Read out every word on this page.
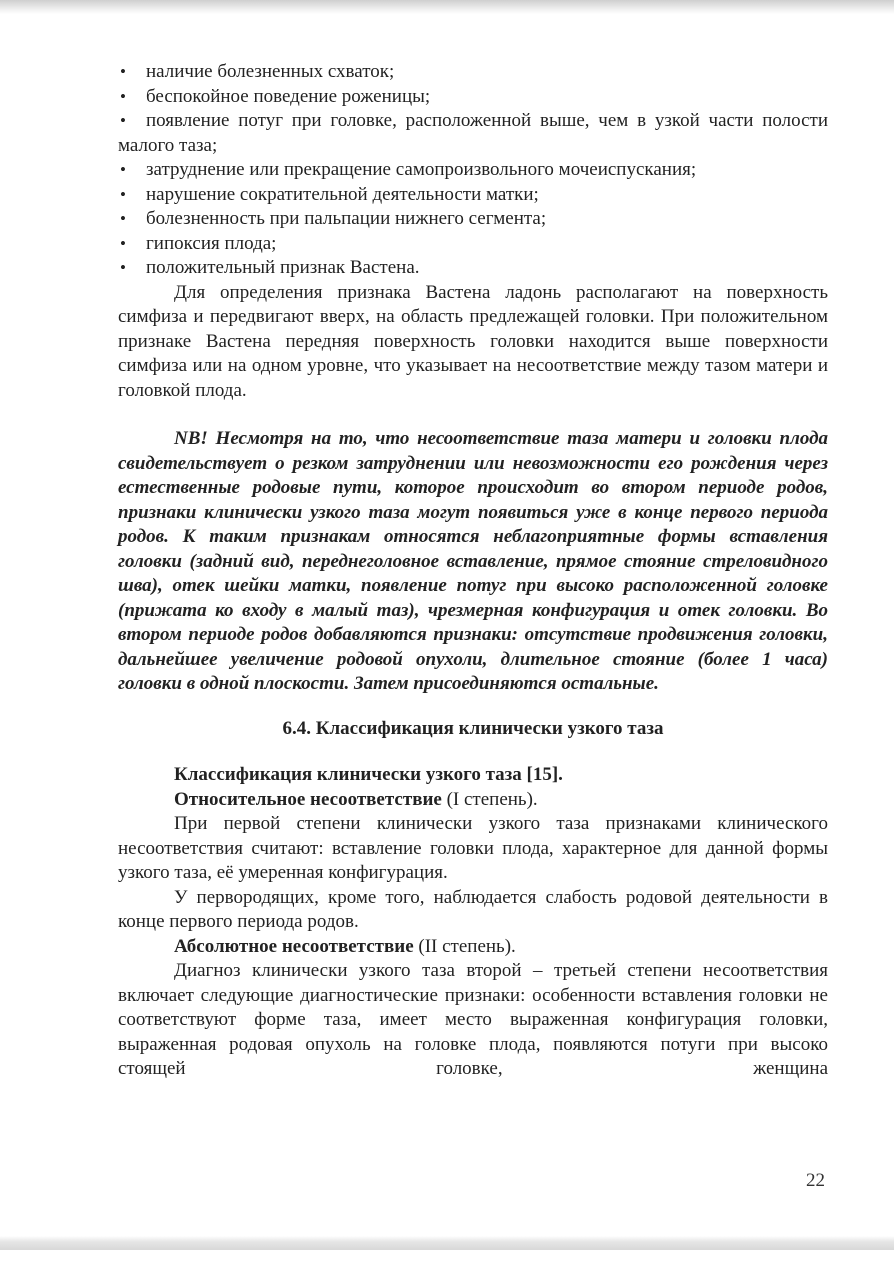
• наличие болезненных схваток;
• беспокойное поведение роженицы;
•	появление потуг при головке, расположенной выше, чем в узкой части полости малого таза;
• затруднение или прекращение самопроизвольного мочеиспускания;
• нарушение сократительной деятельности матки;
• болезненность при пальпации нижнего сегмента;
• гипоксия плода;
• положительный признак Вастена.

Для определения признака Вастена ладонь располагают на поверхность симфиза и передвигают вверх, на область предлежащей головки. При положительном признаке Вастена передняя поверхность головки находится выше поверхности симфиза или на одном уровне, что указывает на несоответствие между тазом матери и головкой плода.

NB! Несмотря на то, что несоответствие таза матери и головки плода свидетельствует о резком затруднении или невозможности его рождения через естественные родовые пути, которое происходит во втором периоде родов, признаки клинически узкого таза могут появиться уже в конце первого периода родов. К таким признакам относятся неблагоприятные формы вставления головки (задний вид, переднеголовное вставление, прямое стояние стреловидного шва), отек шейки матки, появление потуг при высоко расположенной головке (прижата ко входу в малый таз), чрезмерная конфигурация и отек головки. Во втором периоде родов добавляются признаки: отсутствие продвижения головки, дальнейшее увеличение родовой опухоли, длительное стояние (более 1 часа) головки в одной плоскости. Затем присоединяются остальные.

6.4. Классификация клинически узкого таза

Классификация клинически узкого таза [15].

Относительное несоответствие (I степень).

При первой степени клинически узкого таза признаками клинического несоответствия считают: вставление головки плода, характерное для данной формы узкого таза, её умеренная конфигурация.

У первородящих, кроме того, наблюдается слабость родовой деятельности в конце первого периода родов.

Абсолютное несоответствие (II степень).

Диагноз клинически узкого таза второй – третьей степени несоответствия включает следующие диагностические признаки: особенности вставления головки не соответствуют форме таза, имеет место выраженная конфигурация головки, выраженная родовая опухоль на головке плода, появляются потуги при высоко стоящей головке, женщина

22
